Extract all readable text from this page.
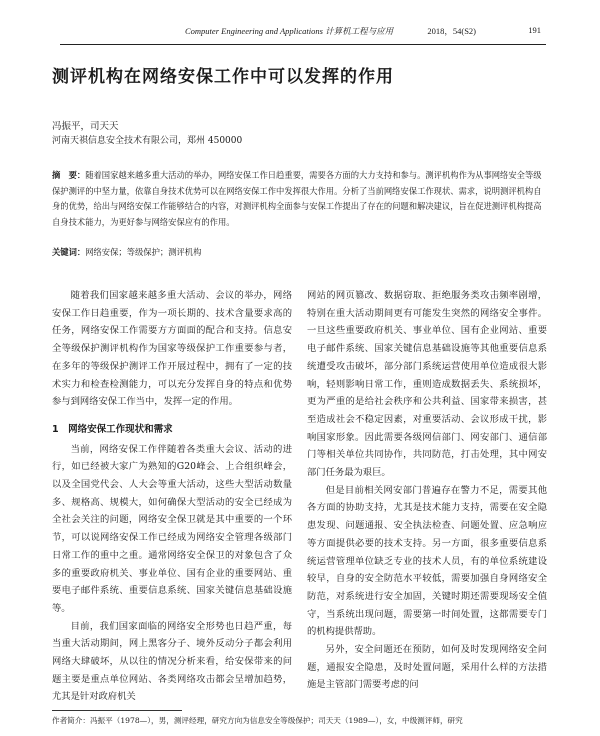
Computer Engineering and Applications 计算机工程与应用	2018，54(S2)	191
测评机构在网络安保工作中可以发挥的作用
冯振平，司天天
河南天祺信息安全技术有限公司，郑州 450000
摘　要：随着国家越来越多重大活动的举办，网络安保工作日趋重要，需要各方面的大力支持和参与。测评机构作为从事网络安全等级保护测评的中坚力量，依靠自身技术优势可以在网络安保工作中发挥很大作用。分析了当前网络安保工作现状、需求，说明测评机构自身的优势，给出与网络安保工作能够结合的内容，对测评机构全面参与安保工作提出了存在的问题和解决建议，旨在促进测评机构提高自身技术能力，为更好参与网络安保应有的作用。
关键词：网络安保；等级保护；测评机构

随着我们国家越来越多重大活动、会议的举办，网络安保工作日趋重要，作为一项长期的、技术含量要求高的任务，网络安保工作需要方方面面的配合和支持。信息安全等级保护测评机构作为国家等级保护工作重要参与者，在多年的等级保护测评工作开展过程中，拥有了一定的技术实力和检查检测能力，可以充分发挥自身的特点和优势参与到网络安保工作当中，发挥一定的作用。

1　网络安保工作现状和需求

当前，网络安保工作伴随着各类重大会议、活动的进行，如已经被大家广为熟知的G20峰会、上合组织峰会，以及全国党代会、人大会等重大活动，这些大型活动数量多、规格高、规模大，如何确保大型活动的安全已经成为全社会关注的问题，网络安全保卫就是其中重要的一个环节，可以说网络安保工作已经成为网络安全管理各级部门日常工作的重中之重。通常网络安全保卫的对象包含了众多的重要政府机关、事业单位、国有企业的重要网站、重要电子邮件系统、重要信息系统、国家关键信息基础设施等。

目前，我们国家面临的网络安全形势也日趋严重，每当重大活动期间，网上黑客分子、境外反动分子都会利用网络大肆破坏，从以往的情况分析来看，给安保带来的问题主要是重点单位网站、各类网络攻击都会呈增加趋势，尤其是针对政府机关

网站的网页篡改、数据窃取、拒绝服务类攻击频率剧增，特别在重大活动期间更有可能发生突然的网络安全事件。一旦这些重要政府机关、事业单位、国有企业网站、重要电子邮件系统、国家关键信息基础设施等其他重要信息系统遭受攻击破坏，部分部门系统运营使用单位造成很大影响，轻则影响日常工作，重则造成数据丢失、系统损坏，更为严重的是给社会秩序和公共利益、国家带来损害，甚至造成社会不稳定因素，对重要活动、会议形成干扰，影响国家形象。因此需要各级网信部门、网安部门、通信部门等相关单位共同协作，共同防范，打击处理，其中网安部门任务最为艰巨。

但是目前相关网安部门普遍存在警力不足，需要其他各方面的协助支持，尤其是技术能力支持，需要在安全隐患发现、问题通报、安全执法检查、问题处置、应急响应等方面提供必要的技术支持。另一方面，很多重要信息系统运营管理单位缺乏专业的技术人员，有的单位系统建设较早，自身的安全防范水平较低，需要加强自身网络安全防范，对系统进行安全加固，关键时期还需要现场安全值守，当系统出现问题，需要第一时间处置，这都需要专门的机构提供帮助。

另外，安全问题还在预防，如何及时发现网络安全问题，通报安全隐患，及时处置问题，采用什么样的方法措施是主管部门需要考虑的问

作者简介：冯振平（1978—），男，测评经理，研究方向为信息安全等级保护；司天天（1989—），女，中级测评师，研究
